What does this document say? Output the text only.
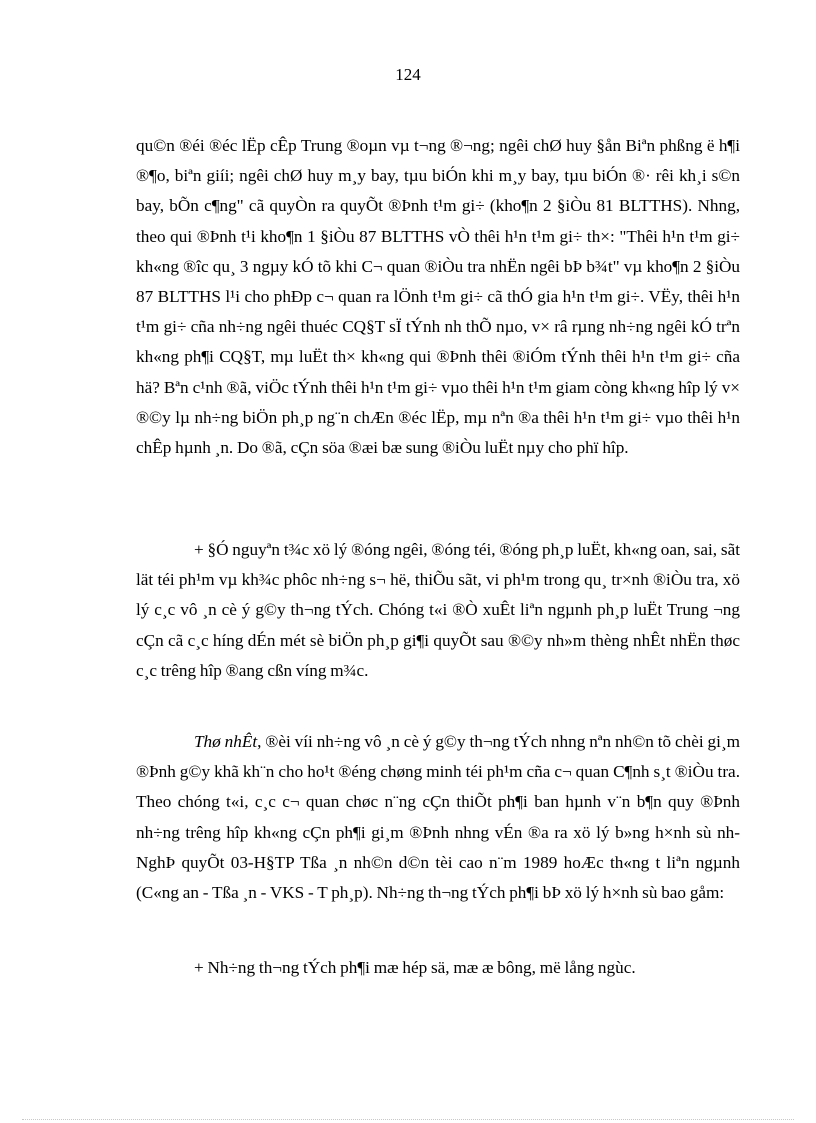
124

qu©n ®éi ®éc lËp cÊp Trung ®oµn vµ t¬ng ®¬ng; ngêi chØ huy §ån Biªn phßng ë h¶i ®¶o, biªn giíi; ngêi chØ huy m¸y bay, tµu biÓn khi m¸y bay, tµu biÓn ®· rêi kh¸i s©n bay, bÕn c¶ng" cã quyÒn ra quyÕt ®Þnh t¹m gi÷ (kho¶n 2 §iÒu 81 BLTTHS). Nhng, theo qui ®Þnh t¹i kho¶n 1 §iÒu 87 BLTTHS vÒ thêi h¹n t¹m gi÷ th×: "Thêi h¹n t¹m gi÷ kh«ng ®îc qu¸ 3 ngµy kÓ tõ khi C¬ quan ®iÒu tra nhËn ngêi bÞ b¾t" vµ kho¶n 2 §iÒu 87 BLTTHS l¹i cho phÐp c¬ quan ra lÖnh t¹m gi÷ cã thÓ gia h¹n t¹m gi÷. VËy, thêi h¹n t¹m gi÷ cña nh÷ng ngêi thuéc CQ§T sÏ tÝnh nh thÕ nµo, v× râ rµng nh÷ng ngêi kÓ trªn kh«ng ph¶i CQ§T, mµ luËt th× kh«ng qui ®Þnh thêi ®iÓm tÝnh thêi h¹n t¹m gi÷ cña hä? Bªn c¹nh ®ã, viÖc tÝnh thêi h¹n t¹m gi÷ vµo thêi h¹n t¹m giam còng kh«ng hîp lý v× ®©y lµ nh÷ng biÖn ph¸p ng¨n chÆn ®éc lËp, mµ nªn ®a thêi h¹n t¹m gi÷ vµo thêi h¹n chÊp hµnh ¸n. Do ®ã, cÇn söa ®æi bæ sung ®iÒu luËt nµy cho phï hîp.

+ §Ó nguyªn t¾c xö lý ®óng ngêi, ®óng téi, ®óng ph¸p luËt, kh«ng oan, sai, sãt lät téi ph¹m vµ kh¾c phôc nh÷ng s¬ hë, thiÕu sãt, vi ph¹m trong qu¸ tr×nh ®iÒu tra, xö lý c¸c vô ¸n cè ý g©y th¬ng tÝch. Chóng t«i ®Ò xuÊt liªn ngµnh ph¸p luËt Trung ¬ng cÇn cã c¸c híng dÉn mét sè biÖn ph¸p gi¶i quyÕt sau ®©y nh»m thèng nhÊt nhËn thøc c¸c trêng hîp ®ang cßn víng m¾c.

Thø nhÊt, ®èi víi nh÷ng vô ¸n cè ý g©y th¬ng tÝch nhng nªn nh©n tõ chèi gi¸m ®Þnh g©y khã kh¨n cho ho¹t ®éng chøng minh téi ph¹m cña c¬ quan C¶nh s¸t ®iÒu tra. Theo chóng t«i, c¸c c¬ quan chøc n¨ng cÇn thiÕt ph¶i ban hµnh v¨n b¶n quy ®Þnh nh÷ng trêng hîp kh«ng cÇn ph¶i gi¸m ®Þnh nhng vÉn ®a ra xö lý b»ng h×nh sù nh NghÞ quyÕt 03-H§TP Tßa ¸n nh©n d©n tèi cao n¨m 1989 hoÆc th«ng t liªn ngµnh (C«ng an - Tßa ¸n - VKS - T ph¸p). Nh÷ng th¬ng tÝch ph¶i bÞ xö lý h×nh sù bao gåm:

+ Nh÷ng th¬ng tÝch ph¶i mæ hép sä, mæ æ bông, më lång ngùc.
